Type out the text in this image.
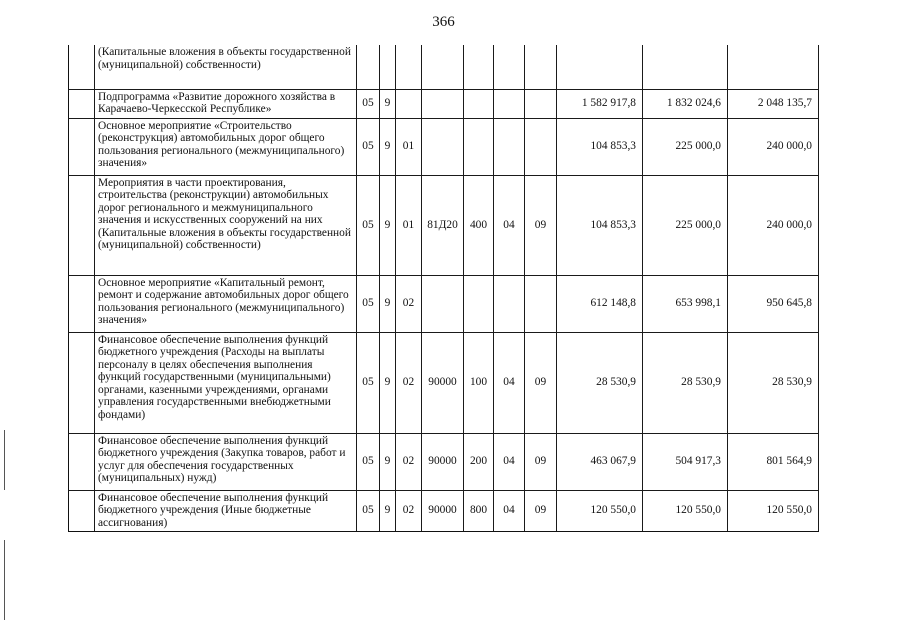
366
	(Капитальные вложения в объекты государственной (муниципальной) собственности)										
	Подпрограмма «Развитие дорожного хозяйства в Карачаево-Черкесской Республике»	05	9						1 582 917,8	1 832 024,6	2 048 135,7
	Основное мероприятие «Строительство (реконструкция) автомобильных дорог общего пользования регионального (межмуниципального) значения»	05	9	01					104 853,3	225 000,0	240 000,0
	Мероприятия в части проектирования, строительства (реконструкции) автомобильных дорог регионального и межмуниципального значения и искусственных сооружений на них (Капитальные вложения в объекты государственной (муниципальной) собственности)	05	9	01	81Д20	400	04	09	104 853,3	225 000,0	240 000,0
	Основное мероприятие «Капитальный ремонт, ремонт и содержание автомобильных дорог общего пользования регионального (межмуниципального) значения»	05	9	02					612 148,8	653 998,1	950 645,8
	Финансовое обеспечение выполнения функций бюджетного учреждения (Расходы на выплаты персоналу в целях обеспечения выполнения функций государственными (муниципальными) органами, казенными учреждениями, органами управления государственными внебюджетными фондами)	05	9	02	90000	100	04	09	28 530,9	28 530,9	28 530,9
	Финансовое обеспечение выполнения функций бюджетного учреждения (Закупка товаров, работ и услуг для обеспечения государственных (муниципальных) нужд)	05	9	02	90000	200	04	09	463 067,9	504 917,3	801 564,9
	Финансовое обеспечение выполнения функций бюджетного учреждения (Иные бюджетные ассигнования)	05	9	02	90000	800	04	09	120 550,0	120 550,0	120 550,0
